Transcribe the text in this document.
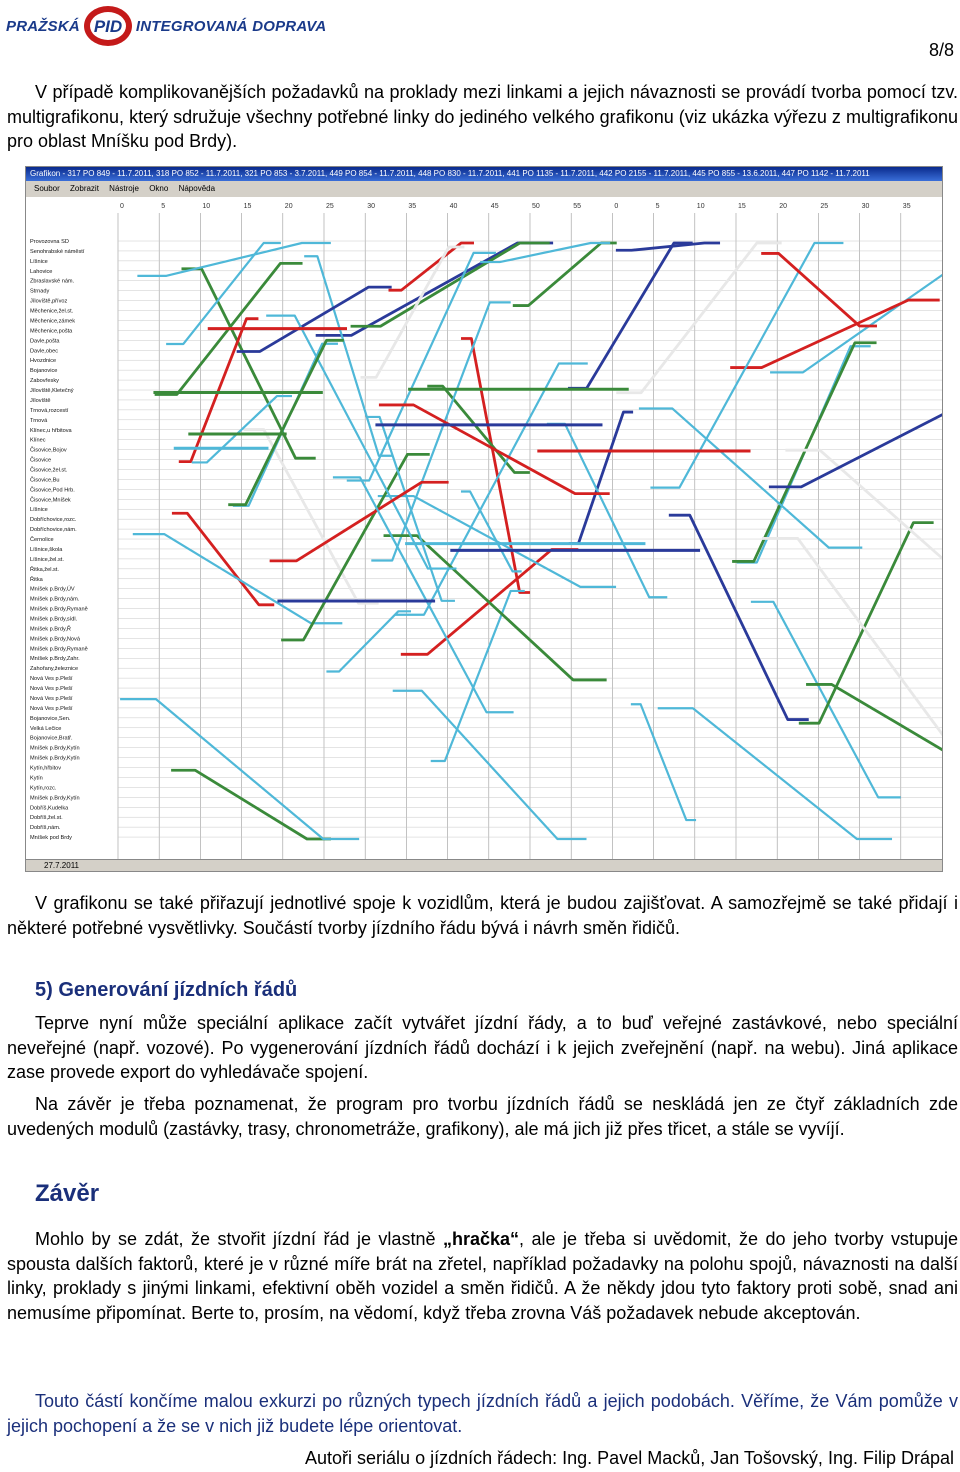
PRAŽSKÁ PID INTEGROVANÁ DOPRAVA
8/8

V případě komplikovanějších požadavků na proklady mezi linkami a jejich návaznosti se provádí tvorba pomocí tzv. multigrafikonu, který sdružuje všechny potřebné linky do jediného velkého grafikonu (viz ukázka výřezu z multigrafikonu pro oblast Mníšku pod Brdy).

Grafikon - 317 PO 849 - 11.7.2011, 318 PO 852 - 11.7.2011, 321 PO 853 - 3.7.2011, 449 PO 854 - 11.7.2011, 448 PO 830 - 11.7.2011, 441 PO 1135 - 11.7.2011, 442 PO 2155 - 11.7.2011, 445 PO 855 - 13.6.2011, 447 PO 1142 - 11.7.2011
Soubor Zobrazit Nástroje Okno Nápověda
0	5	10	15	20	25	30	35	40	45	50	55	0	5	10	15	20	25	30	35
Provozovna SD
Senohrabské náměstí
Líšnice
Lahovice
Zbraslavské nám.
Strnady
Jílovíště,přívoz
Měchenice,žel.st.
Měchenice,zámek
Měchenice,pošta
Davle,pošta
Davle,obec
Hvozdnice
Bojanovice
Zabovřesky
Jílovíště,Kletečný
Jílovíště
Trnová,rozcestí
Trnová
Klínec,u hřbitova
Klínec
Čisovice,Bojov
Čisovice
Čisovice,žel.st.
Čisovice,Bu
Čisovice,Pod Hrb.
Čisovice,Mníšek
Líšnice
Dobříchovice,rozc.
Dobříchovice,nám.
Černolice
Líšnice,škola
Líšnice,žel.st.
Řitka,žel.st.
Řitka
Mníšek p.Brdy,ÚV
Mníšek p.Brdy,nám.
Mníšek p.Brdy,Rymaně
Mníšek p.Brdy,sídl.
Mníšek p.Brdy,Ř
Mníšek p.Brdy,Nová
Mníšek p.Brdy,Rymaně
Mníšek p.Brdy,Zahr.
Zahořany,železnice
Nová Ves p.Pleší
Nová Ves p.Pleší
Nová Ves p.Pleší
Nová Ves p.Pleší
Bojanovice,Sen.
Velká Lečice
Bojanovice,Bratř.
Mníšek p.Brdy,Kytín
Mníšek p.Brdy,Kytín
Kytín,hřbitov
Kytín
Kytín,rozc.
Mníšek p.Brdy,Kytín
Dobříš,Kudelka
Dobříš,žel.st.
Dobříš,nám.
Mníšek pod Brdy
27.7.2011

V grafikonu se také přiřazují jednotlivé spoje k vozidlům, která je budou zajišťovat. A samozřejmě se také přidají i některé potřebné vysvětlivky. Součástí tvorby jízdního řádu bývá i návrh směn řidičů.

5) Generování jízdních řádů

Teprve nyní může speciální aplikace začít vytvářet jízdní řády, a to buď veřejné zastávkové, nebo speciální neveřejné (např. vozové). Po vygenerování jízdních řádů dochází i k jejich zveřejnění (např. na webu). Jiná aplikace zase provede export do vyhledávače spojení.

Na závěr je třeba poznamenat, že program pro tvorbu jízdních řádů se neskládá jen ze čtyř základních zde uvedených modulů (zastávky, trasy, chronometráže, grafikony), ale má jich již přes třicet, a stále se vyvíjí.

Závěr

Mohlo by se zdát, že stvořit jízdní řád je vlastně „hračka“, ale je třeba si uvědomit, že do jeho tvorby vstupuje spousta dalších faktorů, které je v různé míře brát na zřetel, například požadavky na polohu spojů, návaznosti na další linky, proklady s jinými linkami, efektivní oběh vozidel a směn řidičů. A že někdy jdou tyto faktory proti sobě, snad ani nemusíme připomínat. Berte to, prosím, na vědomí, když třeba zrovna Váš požadavek nebude akceptován.

Touto částí končíme malou exkurzi po různých typech jízdních řádů a jejich podobách. Věříme, že Vám pomůže v jejich pochopení a že se v nich již budete lépe orientovat.

Autoři seriálu o jízdních řádech: Ing. Pavel Macků, Jan Tošovský, Ing. Filip Drápal
